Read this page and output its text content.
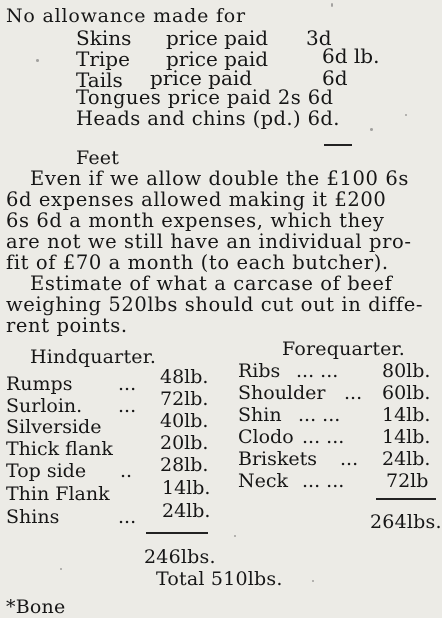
No allowance made for
Skins price paid 3d
Tripe price paid	6d lb.
Tails price paid	6d
Tongues price paid 2s 6d
Heads and chins (pd.) 6d.
Feet
Even if we allow double the £100 6s
6d expenses allowed making it £200
6s 6d a month expenses, which they
are not we still have an individual pro-
fit of £70 a month (to each butcher).
Estimate of what a carcase of beef
weighing 520lbs should cut out in diffe-
rent points.
Hindquarter.	Forequarter.
Rumps ... 48lb.
Surloin. ... 72lb.
Silverside	40lb.
Thick flank 20lb.
Top side .. 28lb.
Thin Flank	14lb.
Shins	... 24lb.
Ribs ... ... 80lb.
Shoulder ... 60lb.
Shin ... ... 14lb.
Clodo ... ... 14lb.
Briskets ... 24lb.
Neck ... ... 72lb
264lbs.
246lbs.
Total 510lbs.
*Bone
